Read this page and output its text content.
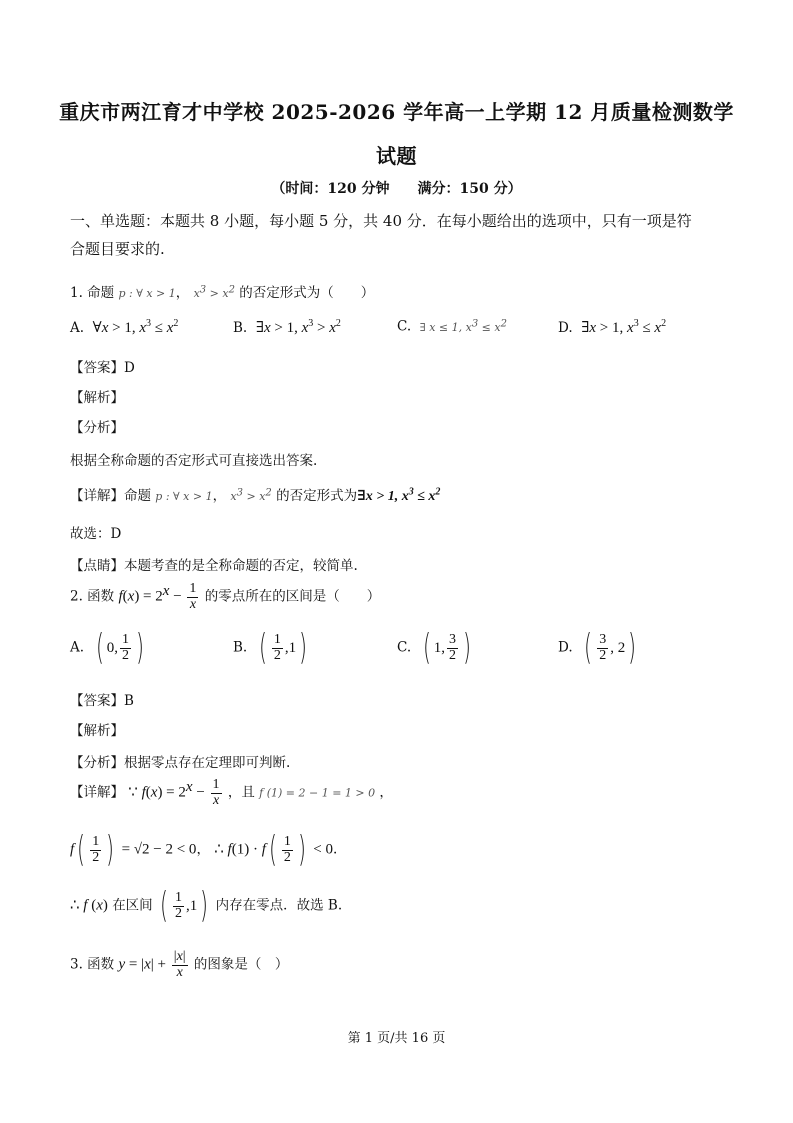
重庆市两江育才中学校 2025-2026 学年高一上学期 12 月质量检测数学
试题
（时间：120 分钟　　满分：150 分）
一、单选题：本题共 8 小题，每小题 5 分，共 40 分．在每小题给出的选项中，只有一项是符
合题目要求的.
1. 命题 p : ∀ x > 1， $x^3 > x^2$ 的否定形式为（　　）
A. ∀x > 1, $x^3 \le x^2$	B. ∃x > 1, $x^3 > x^2$	C. ∃ x ≤ 1, $x^3 \le x^2$	D. ∃x > 1, $x^3 \le x^2$
【答案】D
【解析】
【分析】
根据全称命题的否定形式可直接选出答案.
【详解】命题 p : ∀ x > 1， $x^3 > x^2$ 的否定形式为∃x > 1, $x^3 \le x^2$
故选：D
【点睛】本题考查的是全称命题的否定，较简单.
2. 函数 $f(x) = 2^x - \frac{1}{x}$ 的零点所在的区间是（　　）
A. ( 0, $\frac{1}{2}$ )	B. ( $\frac{1}{2} ,1$ )	C. ( 1, $\frac{3}{2}$ )	D. ( $\frac{3}{2}$ , 2 )
【答案】B
【解析】
【分析】根据零点存在定理即可判断.
【详解】 ∵ $f(x) = 2^x - \frac{1}{x}$ ，且 f (1) = 2 − 1 = 1 > 0 ，
f ( $\frac{1}{2}$ ) = √2 − 2 < 0， ∴ f(1) · f ( $\frac{1}{2}$ ) < 0.
∴ f (x) 在区间 ( $\frac{1}{2} ,1$ ) 内存在零点．故选 B.
3. 函数 $y = |x| + \frac{|x|}{x}$ 的图象是（　）
第 1 页/共 16 页
